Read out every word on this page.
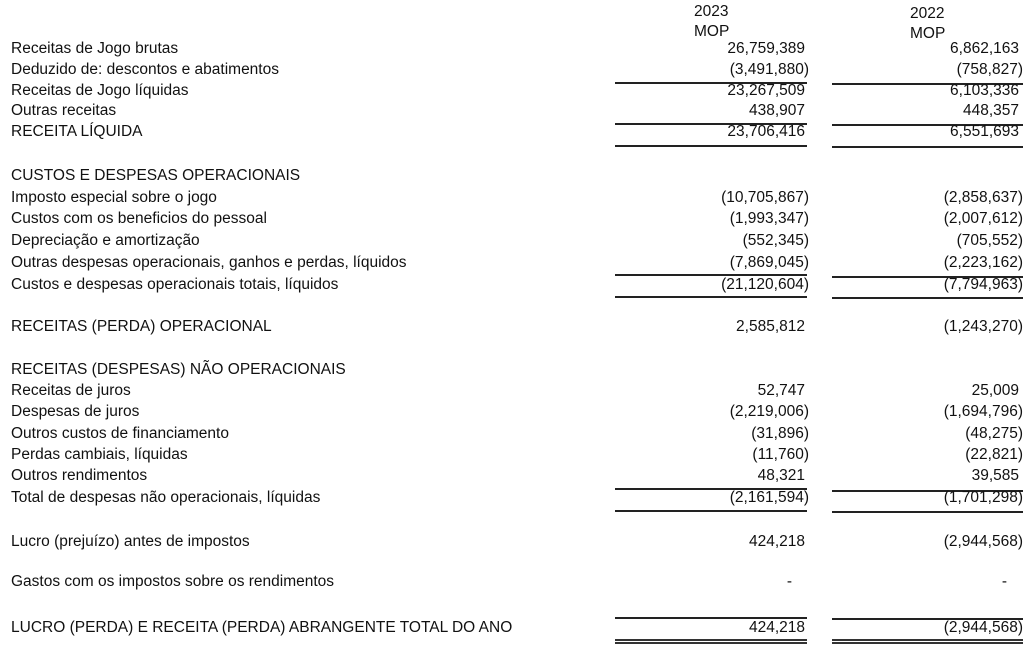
2023
MOP
2022
MOP
Receitas de Jogo brutas	26,759,389	6,862,163
Deduzido de: descontos e abatimentos	(3,491,880)	(758,827)
Receitas de Jogo líquidas	23,267,509	6,103,336
Outras receitas	438,907	448,357
RECEITA LÍQUIDA	23,706,416	6,551,693
CUSTOS E DESPESAS OPERACIONAIS
Imposto especial sobre o jogo	(10,705,867)	(2,858,637)
Custos com os beneficios do pessoal	(1,993,347)	(2,007,612)
Depreciação e amortização	(552,345)	(705,552)
Outras despesas operacionais, ganhos e perdas, líquidos	(7,869,045)	(2,223,162)
Custos e despesas operacionais totais, líquidos	(21,120,604)	(7,794,963)
RECEITAS (PERDA) OPERACIONAL	2,585,812	(1,243,270)
RECEITAS (DESPESAS) NÃO OPERACIONAIS
Receitas de juros	52,747	25,009
Despesas de juros	(2,219,006)	(1,694,796)
Outros custos de financiamento	(31,896)	(48,275)
Perdas cambiais, líquidas	(11,760)	(22,821)
Outros rendimentos	48,321	39,585
Total de despesas não operacionais, líquidas	(2,161,594)	(1,701,298)
Lucro (prejuízo) antes de impostos	424,218	(2,944,568)
Gastos com os impostos sobre os rendimentos	-	-
LUCRO (PERDA) E RECEITA (PERDA) ABRANGENTE TOTAL DO ANO	424,218	(2,944,568)
